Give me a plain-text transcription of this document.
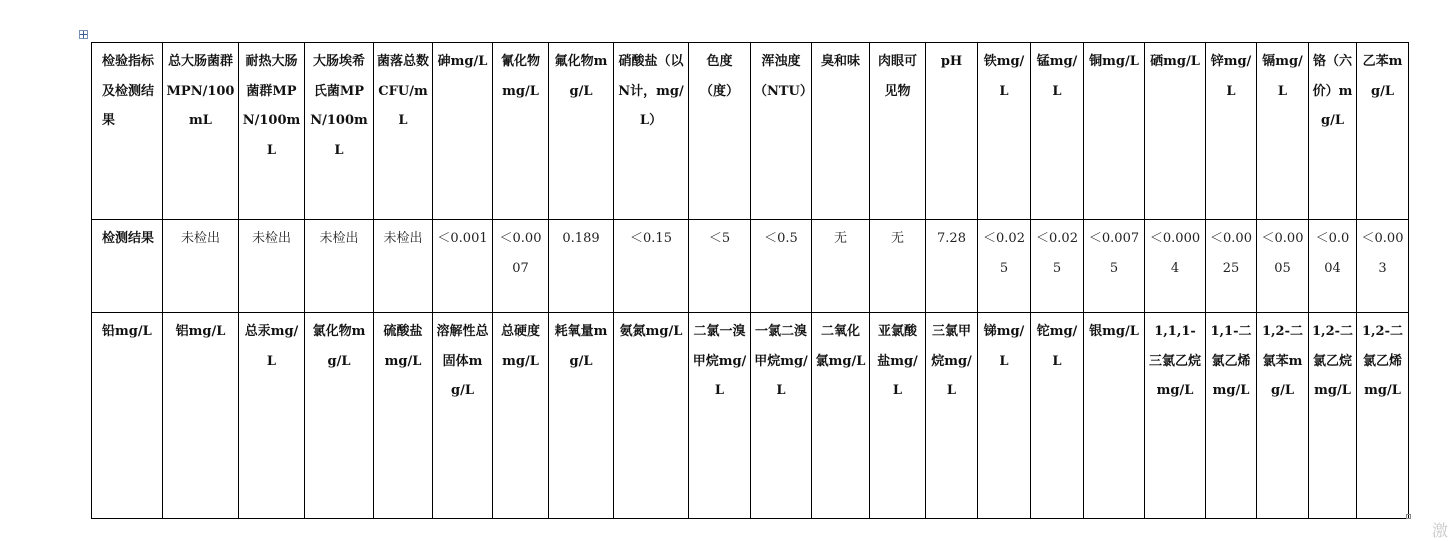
检验指标及检测结果	总大肠菌群MPN/100mL	耐热大肠菌群MPN/100mL	大肠埃希氏菌MPN/100mL	菌落总数CFU/mL	砷mg/L	氰化物mg/L	氟化物mg/L	硝酸盐（以N计，mg/L）	色度（度）	浑浊度（NTU）	臭和味	肉眼可见物	pH	铁mg/L	锰mg/L	铜mg/L	硒mg/L	锌mg/L	镉mg/L	铬（六价）mg/L	乙苯mg/L
检测结果	未检出	未检出	未检出	未检出	＜0.001	＜0.0007	0.189	＜0.15	＜5	＜0.5	无	无	7.28	＜0.025	＜0.025	＜0.0075	＜0.0004	＜0.0025	＜0.0005	＜0.004	＜0.003
铅mg/L	铝mg/L	总汞mg/L	氯化物mg/L	硫酸盐mg/L	溶解性总固体mg/L	总硬度mg/L	耗氧量mg/L	氨氮mg/L	二氯一溴甲烷mg/L	一氯二溴甲烷mg/L	二氧化氯mg/L	亚氯酸盐mg/L	三氯甲烷mg/L	锑mg/L	铊mg/L	银mg/L	1,1,1-三氯乙烷mg/L	1,1-二氯乙烯mg/L	1,2-二氯苯mg/L	1,2-二氯乙烷mg/L	1,2-二氯乙烯mg/L
激
